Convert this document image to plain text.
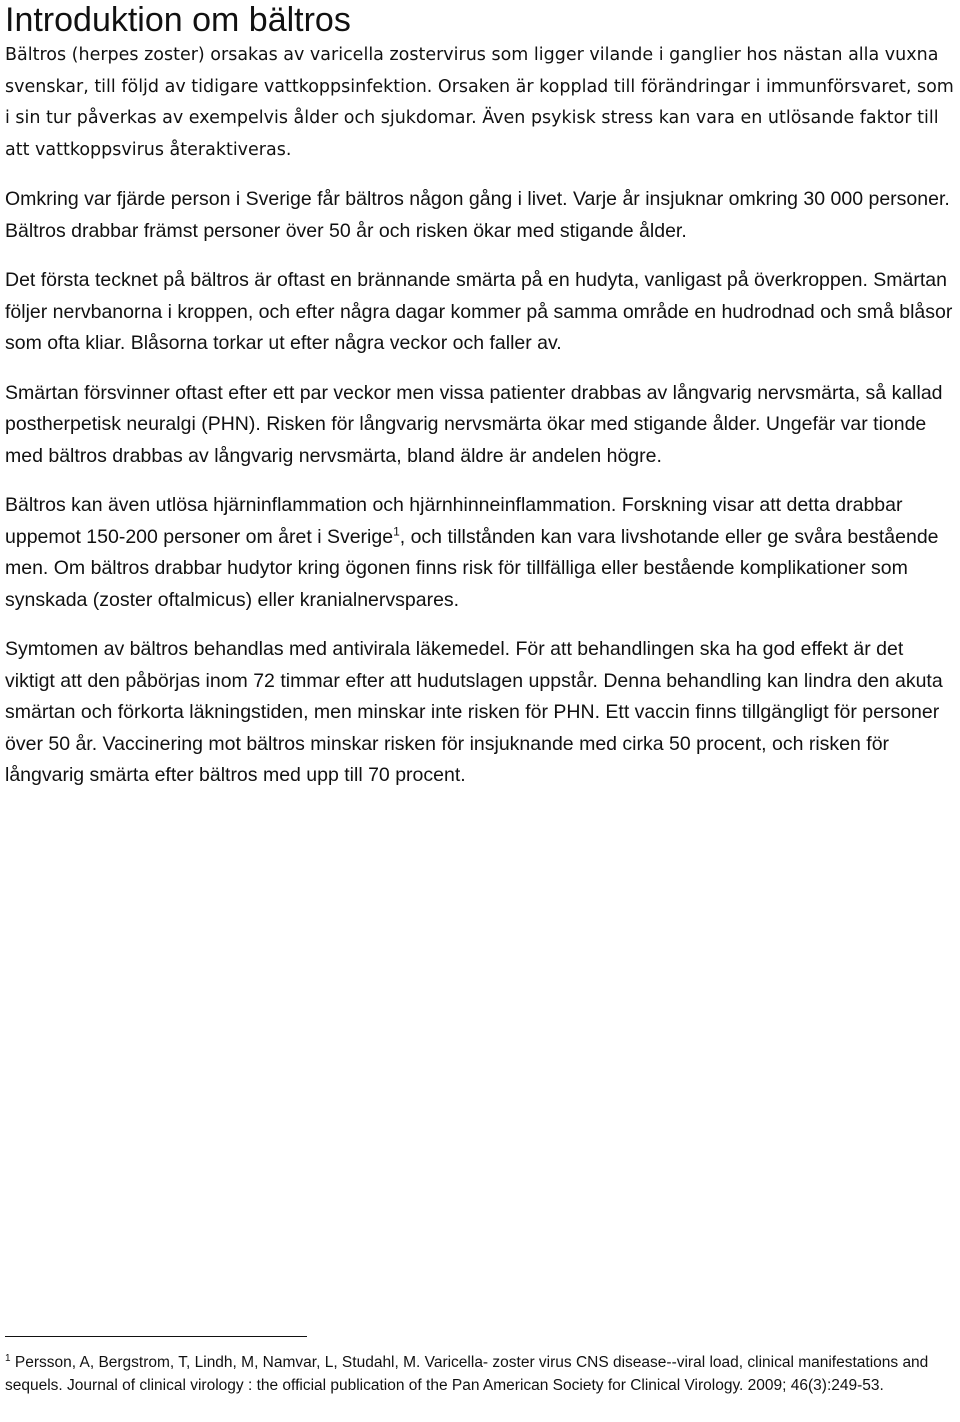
Introduktion om bältros

Bältros (herpes zoster) orsakas av varicella zostervirus som ligger vilande i ganglier hos nästan alla vuxna svenskar, till följd av tidigare vattkoppsinfektion. Orsaken är kopplad till förändringar i immunförsvaret, som i sin tur påverkas av exempelvis ålder och sjukdomar. Även psykisk stress kan vara en utlösande faktor till att vattkoppsvirus återaktiveras.

Omkring var fjärde person i Sverige får bältros någon gång i livet. Varje år insjuknar omkring 30 000 personer. Bältros drabbar främst personer över 50 år och risken ökar med stigande ålder.

Det första tecknet på bältros är oftast en brännande smärta på en hudyta, vanligast på överkroppen. Smärtan följer nervbanorna i kroppen, och efter några dagar kommer på samma område en hudrodnad och små blåsor som ofta kliar. Blåsorna torkar ut efter några veckor och faller av.

Smärtan försvinner oftast efter ett par veckor men vissa patienter drabbas av långvarig nervsmärta, så kallad postherpetisk neuralgi (PHN). Risken för långvarig nervsmärta ökar med stigande ålder. Ungefär var tionde med bältros drabbas av långvarig nervsmärta, bland äldre är andelen högre.

Bältros kan även utlösa hjärninflammation och hjärnhinneinflammation. Forskning visar att detta drabbar uppemot 150-200 personer om året i Sverige$^1$, och tillstånden kan vara livshotande eller ge svåra bestående men. Om bältros drabbar hudytor kring ögonen finns risk för tillfälliga eller bestående komplikationer som synskada (zoster oftalmicus) eller kranialnervspares.

Symtomen av bältros behandlas med antivirala läkemedel. För att behandlingen ska ha god effekt är det viktigt att den påbörjas inom 72 timmar efter att hudutslagen uppstår. Denna behandling kan lindra den akuta smärtan och förkorta läkningstiden, men minskar inte risken för PHN. Ett vaccin finns tillgängligt för personer över 50 år. Vaccinering mot bältros minskar risken för insjuknande med cirka 50 procent, och risken för långvarig smärta efter bältros med upp till 70 procent.

$^1$ Persson, A, Bergstrom, T, Lindh, M, Namvar, L, Studahl, M. Varicella- zoster virus CNS disease--viral load, clinical manifestations and sequels. Journal of clinical virology : the official publication of the Pan American Society for Clinical Virology. 2009; 46(3):249-53.
